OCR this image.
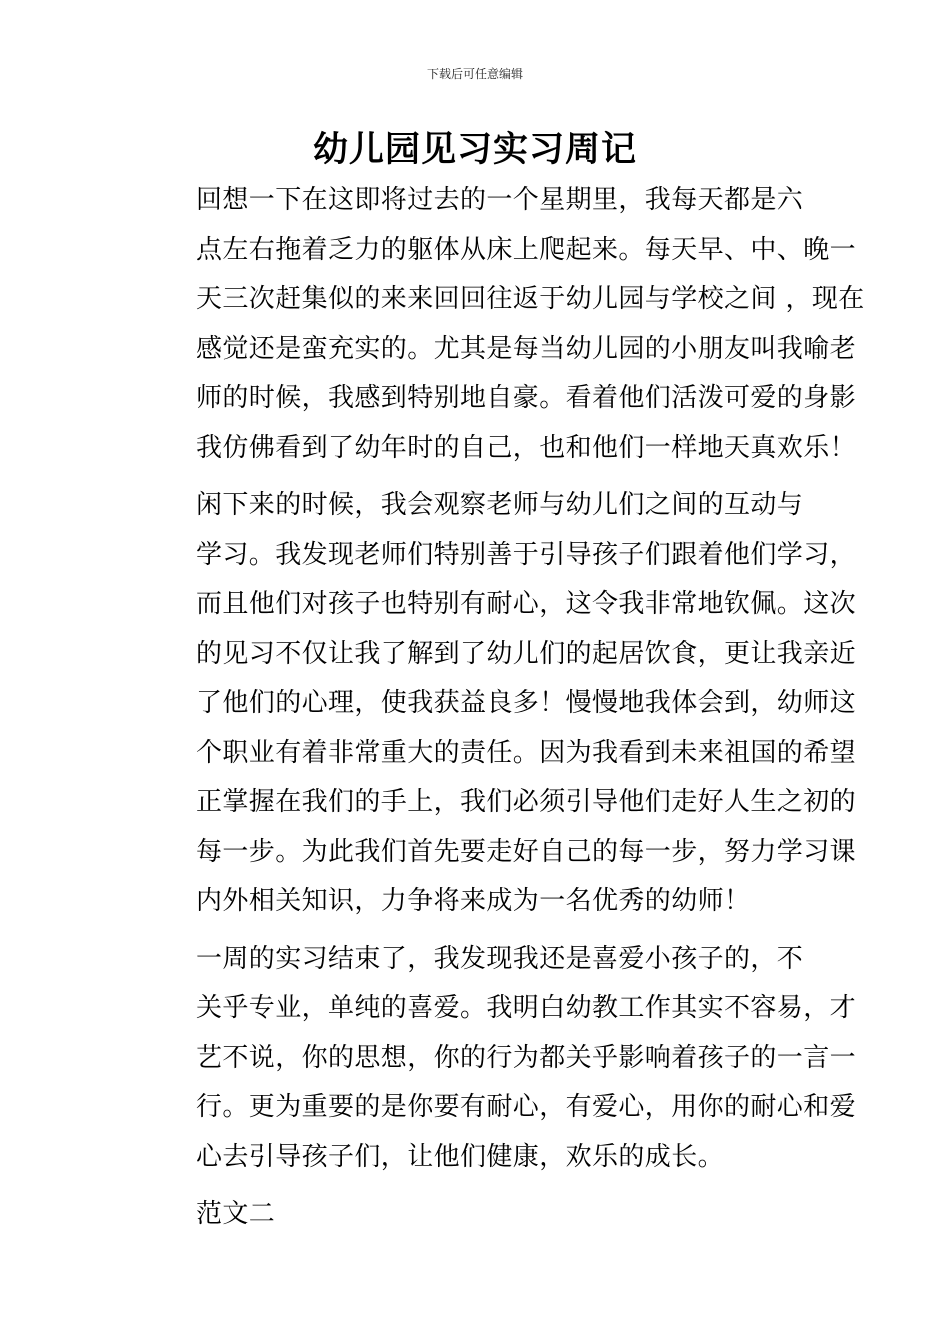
下载后可任意编辑
幼儿园见习实习周记

回想一下在这即将过去的一个星期里，我每天都是六
点左右拖着乏力的躯体从床上爬起来。每天早、中、晚一
天三次赶集似的来来回回往返于幼儿园与学校之间 ，现在
感觉还是蛮充实的。尤其是每当幼儿园的小朋友叫我喻老
师的时候，我感到特别地自豪。看着他们活泼可爱的身影
我仿佛看到了幼年时的自己，也和他们一样地天真欢乐！

闲下来的时候，我会观察老师与幼儿们之间的互动与
学习。我发现老师们特别善于引导孩子们跟着他们学习，
而且他们对孩子也特别有耐心，这令我非常地钦佩。这次
的见习不仅让我了解到了幼儿们的起居饮食，更让我亲近
了他们的心理，使我获益良多！慢慢地我体会到，幼师这
个职业有着非常重大的责任。因为我看到未来祖国的希望
正掌握在我们的手上，我们必须引导他们走好人生之初的
每一步。为此我们首先要走好自己的每一步，努力学习课
内外相关知识，力争将来成为一名优秀的幼师！

一周的实习结束了，我发现我还是喜爱小孩子的，不
关乎专业，单纯的喜爱。我明白幼教工作其实不容易，才
艺不说，你的思想，你的行为都关乎影响着孩子的一言一
行。更为重要的是你要有耐心，有爱心，用你的耐心和爱
心去引导孩子们，让他们健康，欢乐的成长。

范文二
